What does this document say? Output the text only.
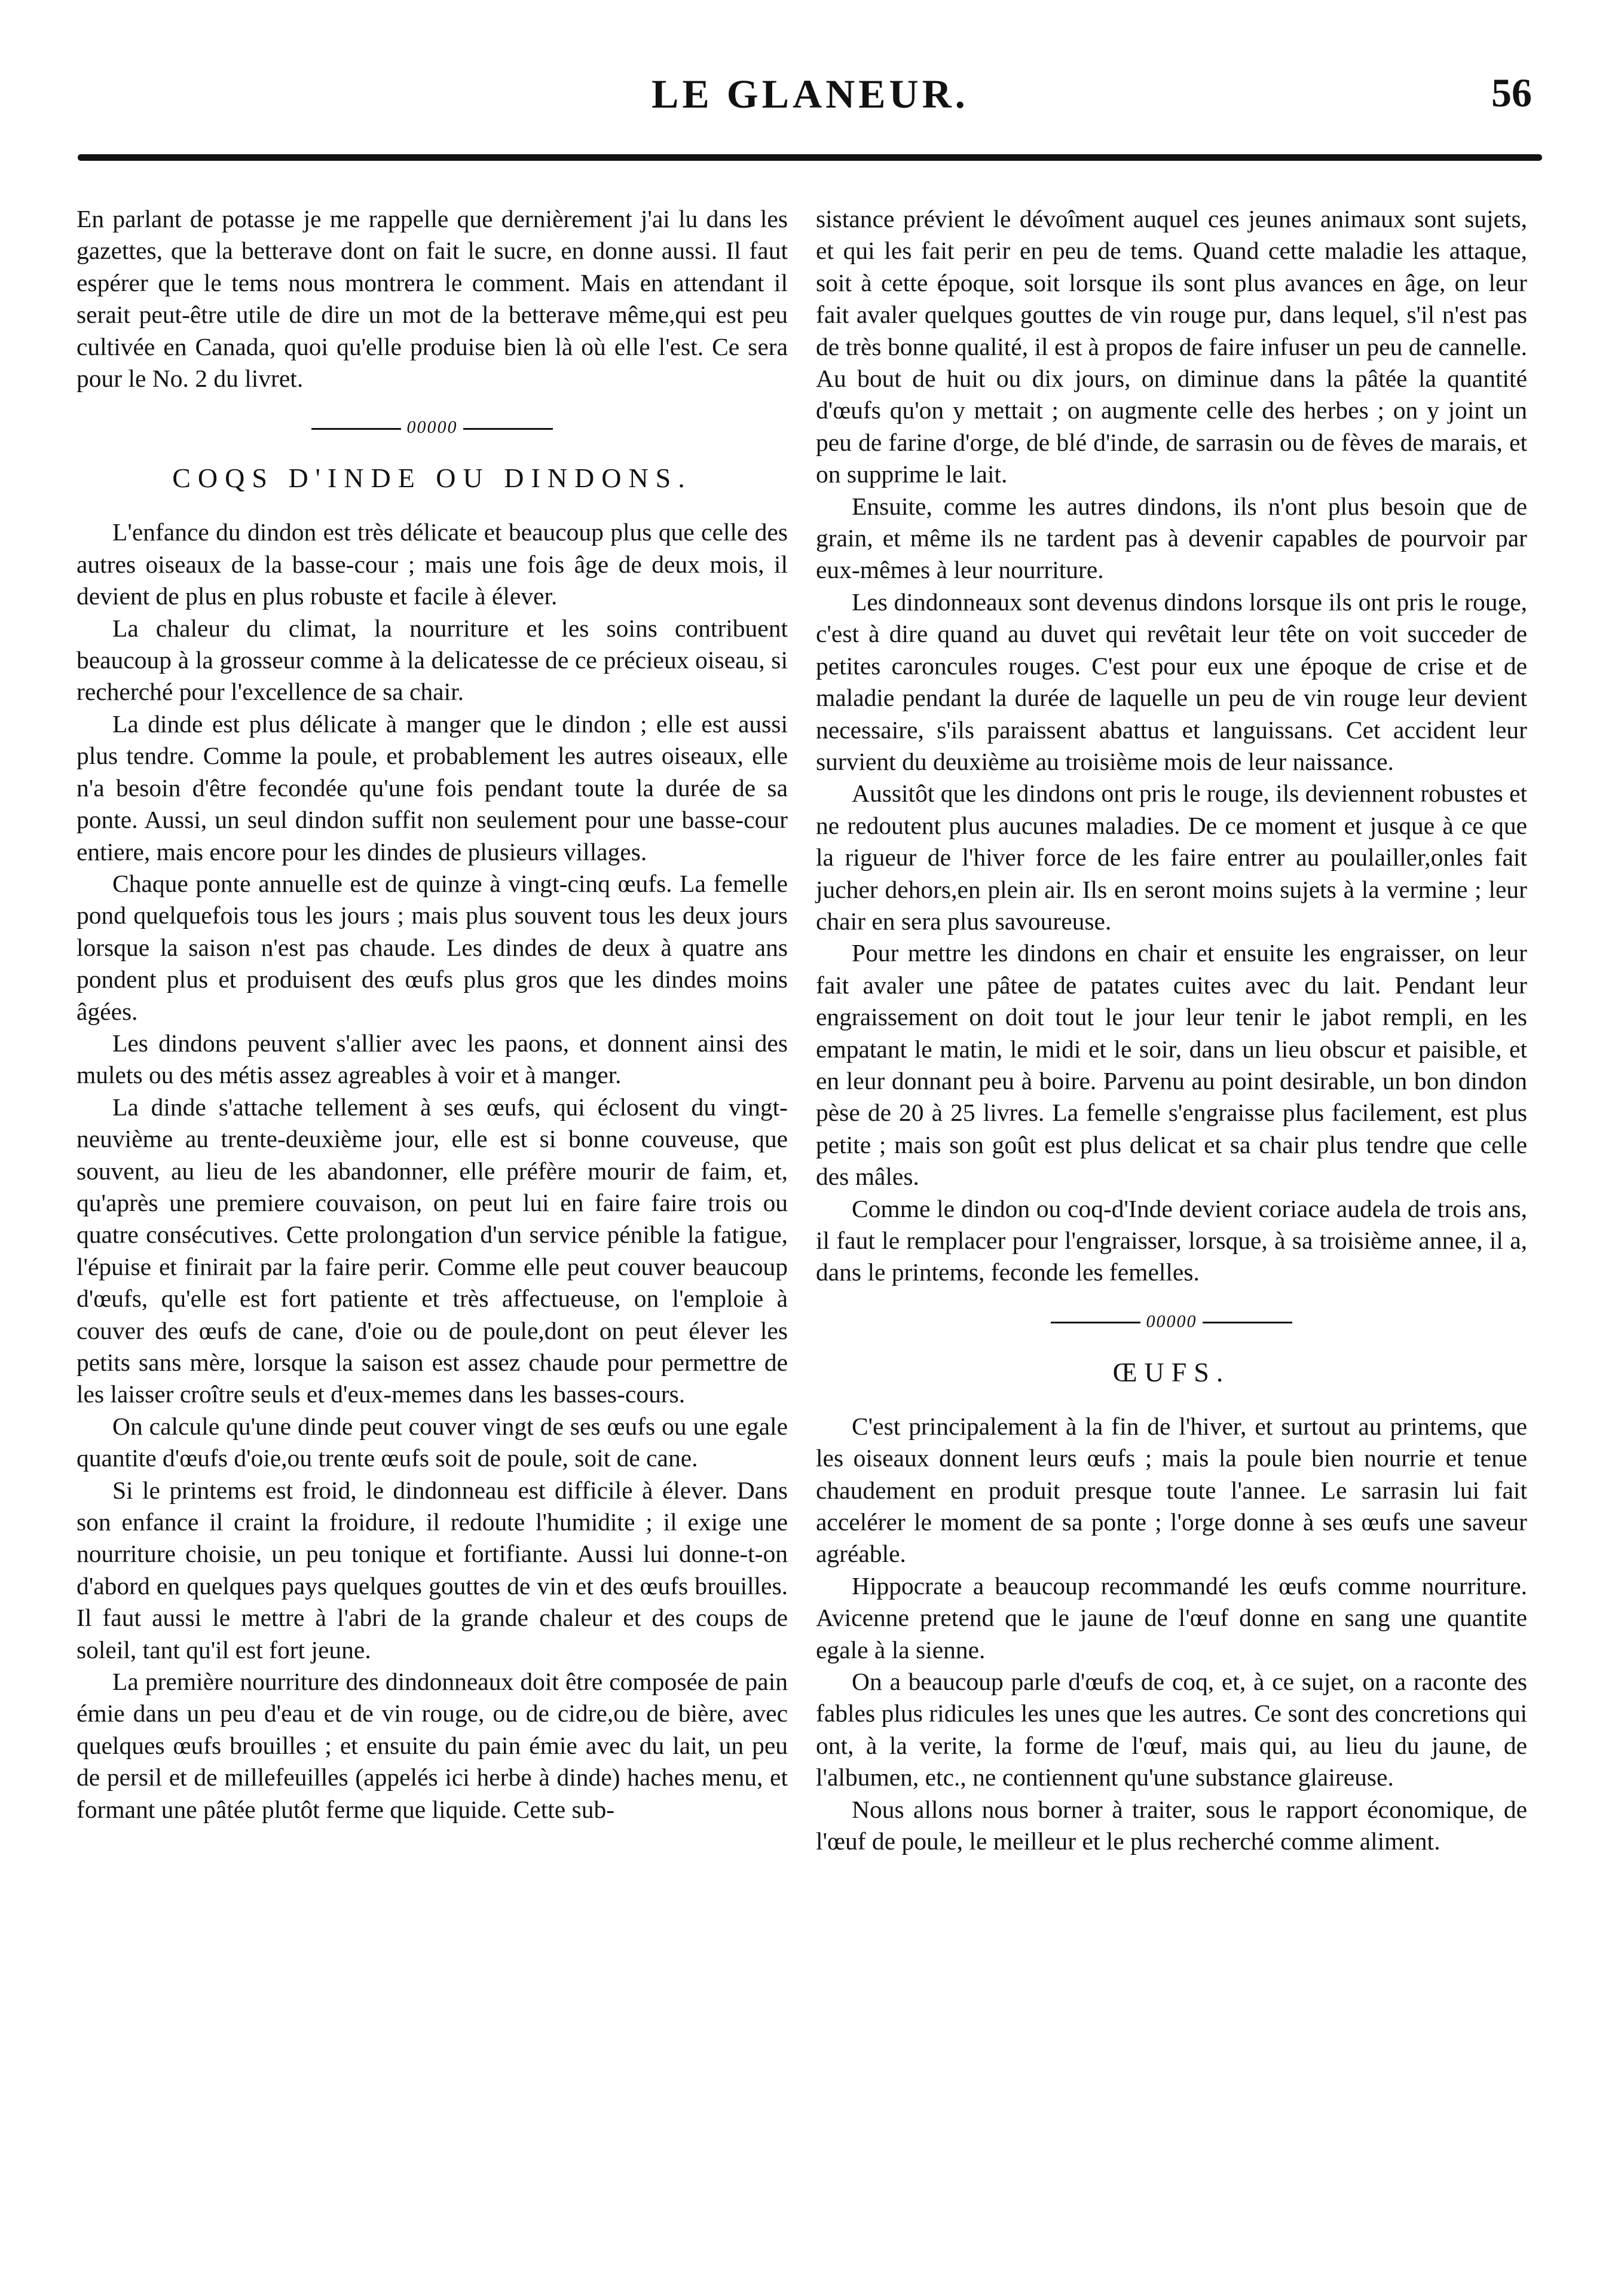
LE GLANEUR.	56

En parlant de potasse je me rappelle que dernièrement j'ai lu dans les gazettes, que la betterave dont on fait le sucre, en donne aussi. Il faut espérer que le tems nous montrera le comment. Mais en attendant il serait peut-être utile de dire un mot de la betterave même,qui est peu cultivée en Canada, quoi qu'elle produise bien là où elle l'est. Ce sera pour le No. 2 du livret.

00000
COQS D'INDE OU DINDONS.

L'enfance du dindon est très délicate et beaucoup plus que celle des autres oiseaux de la basse-cour ; mais une fois âge de deux mois, il devient de plus en plus robuste et facile à élever.

La chaleur du climat, la nourriture et les soins contribuent beaucoup à la grosseur comme à la delicatesse de ce précieux oiseau, si recherché pour l'excellence de sa chair.

La dinde est plus délicate à manger que le dindon ; elle est aussi plus tendre. Comme la poule, et probablement les autres oiseaux, elle n'a besoin d'être fecondée qu'une fois pendant toute la durée de sa ponte. Aussi, un seul dindon suffit non seulement pour une basse-cour entiere, mais encore pour les dindes de plusieurs villages.

Chaque ponte annuelle est de quinze à vingt-cinq œufs. La femelle pond quelquefois tous les jours ; mais plus souvent tous les deux jours lorsque la saison n'est pas chaude. Les dindes de deux à quatre ans pondent plus et produisent des œufs plus gros que les dindes moins âgées.

Les dindons peuvent s'allier avec les paons, et donnent ainsi des mulets ou des métis assez agreables à voir et à manger.

La dinde s'attache tellement à ses œufs, qui éclosent du vingt-neuvième au trente-deuxième jour, elle est si bonne couveuse, que souvent, au lieu de les abandonner, elle préfère mourir de faim, et, qu'après une premiere couvaison, on peut lui en faire faire trois ou quatre consécutives. Cette prolongation d'un service pénible la fatigue, l'épuise et finirait par la faire perir. Comme elle peut couver beaucoup d'œufs, qu'elle est fort patiente et très affectueuse, on l'emploie à couver des œufs de cane, d'oie ou de poule,dont on peut élever les petits sans mère, lorsque la saison est assez chaude pour permettre de les laisser croître seuls et d'eux-memes dans les basses-cours.

On calcule qu'une dinde peut couver vingt de ses œufs ou une egale quantite d'œufs d'oie,ou trente œufs soit de poule, soit de cane.

Si le printems est froid, le dindonneau est difficile à élever. Dans son enfance il craint la froidure, il redoute l'humidite ; il exige une nourriture choisie, un peu tonique et fortifiante. Aussi lui donne-t-on d'abord en quelques pays quelques gouttes de vin et des œufs brouilles. Il faut aussi le mettre à l'abri de la grande chaleur et des coups de soleil, tant qu'il est fort jeune.

La première nourriture des dindonneaux doit être composée de pain émie dans un peu d'eau et de vin rouge, ou de cidre,ou de bière, avec quelques œufs brouilles ; et ensuite du pain émie avec du lait, un peu de persil et de millefeuilles (appelés ici herbe à dinde) haches menu, et formant une pâtée plutôt ferme que liquide. Cette sub-

sistance prévient le dévoîment auquel ces jeunes animaux sont sujets, et qui les fait perir en peu de tems. Quand cette maladie les attaque, soit à cette époque, soit lorsque ils sont plus avances en âge, on leur fait avaler quelques gouttes de vin rouge pur, dans lequel, s'il n'est pas de très bonne qualité, il est à propos de faire infuser un peu de cannelle. Au bout de huit ou dix jours, on diminue dans la pâtée la quantité d'œufs qu'on y mettait ; on augmente celle des herbes ; on y joint un peu de farine d'orge, de blé d'inde, de sarrasin ou de fèves de marais, et on supprime le lait.

Ensuite, comme les autres dindons, ils n'ont plus besoin que de grain, et même ils ne tardent pas à devenir capables de pourvoir par eux-mêmes à leur nourriture.

Les dindonneaux sont devenus dindons lorsque ils ont pris le rouge, c'est à dire quand au duvet qui revêtait leur tête on voit succeder de petites caroncules rouges. C'est pour eux une époque de crise et de maladie pendant la durée de laquelle un peu de vin rouge leur devient necessaire, s'ils paraissent abattus et languissans. Cet accident leur survient du deuxième au troisième mois de leur naissance.

Aussitôt que les dindons ont pris le rouge, ils deviennent robustes et ne redoutent plus aucunes maladies. De ce moment et jusque à ce que la rigueur de l'hiver force de les faire entrer au poulailler,onles fait jucher dehors,en plein air. Ils en seront moins sujets à la vermine ; leur chair en sera plus savoureuse.

Pour mettre les dindons en chair et ensuite les engraisser, on leur fait avaler une pâtee de patates cuites avec du lait. Pendant leur engraissement on doit tout le jour leur tenir le jabot rempli, en les empatant le matin, le midi et le soir, dans un lieu obscur et paisible, et en leur donnant peu à boire. Parvenu au point desirable, un bon dindon pèse de 20 à 25 livres. La femelle s'engraisse plus facilement, est plus petite ; mais son goût est plus delicat et sa chair plus tendre que celle des mâles.

Comme le dindon ou coq-d'Inde devient coriace audela de trois ans, il faut le remplacer pour l'engraisser, lorsque, à sa troisième annee, il a, dans le printems, feconde les femelles.

00000
ŒUFS.

C'est principalement à la fin de l'hiver, et surtout au printems, que les oiseaux donnent leurs œufs ; mais la poule bien nourrie et tenue chaudement en produit presque toute l'annee. Le sarrasin lui fait accelérer le moment de sa ponte ; l'orge donne à ses œufs une saveur agréable.

Hippocrate a beaucoup recommandé les œufs comme nourriture. Avicenne pretend que le jaune de l'œuf donne en sang une quantite egale à la sienne.

On a beaucoup parle d'œufs de coq, et, à ce sujet, on a raconte des fables plus ridicules les unes que les autres. Ce sont des concretions qui ont, à la verite, la forme de l'œuf, mais qui, au lieu du jaune, de l'albumen, etc., ne contiennent qu'une substance glaireuse.

Nous allons nous borner à traiter, sous le rapport économique, de l'œuf de poule, le meilleur et le plus recherché comme aliment.
